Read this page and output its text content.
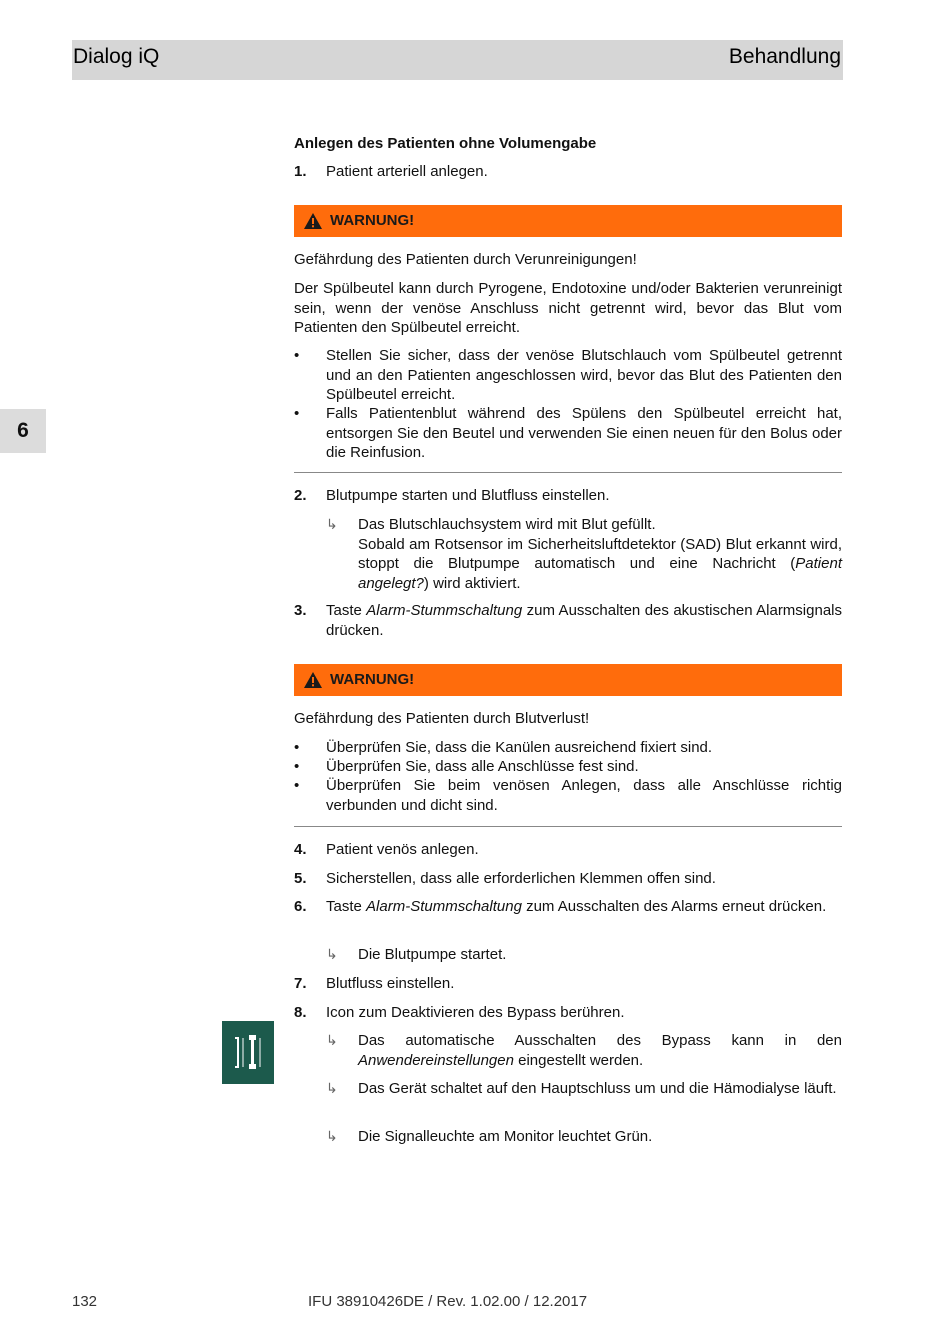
Dialog iQ	Behandlung
6
Anlegen des Patienten ohne Volumengabe
1. Patient arteriell anlegen.
WARNUNG!
Gefährdung des Patienten durch Verunreinigungen!
Der Spülbeutel kann durch Pyrogene, Endotoxine und/oder Bakterien verunreinigt sein, wenn der venöse Anschluss nicht getrennt wird, bevor das Blut vom Patienten den Spülbeutel erreicht.
• Stellen Sie sicher, dass der venöse Blutschlauch vom Spülbeutel getrennt und an den Patienten angeschlossen wird, bevor das Blut des Patienten den Spülbeutel erreicht.
• Falls Patientenblut während des Spülens den Spülbeutel erreicht hat, entsorgen Sie den Beutel und verwenden Sie einen neuen für den Bolus oder die Reinfusion.
2. Blutpumpe starten und Blutfluss einstellen.
↳ Das Blutschlauchsystem wird mit Blut gefüllt.
Sobald am Rotsensor im Sicherheitsluftdetektor (SAD) Blut erkannt wird, stoppt die Blutpumpe automatisch und eine Nachricht (Patient angelegt?) wird aktiviert.
3. Taste Alarm-Stummschaltung zum Ausschalten des akustischen Alarmsignals drücken.
WARNUNG!
Gefährdung des Patienten durch Blutverlust!
• Überprüfen Sie, dass die Kanülen ausreichend fixiert sind.
• Überprüfen Sie, dass alle Anschlüsse fest sind.
• Überprüfen Sie beim venösen Anlegen, dass alle Anschlüsse richtig verbunden und dicht sind.
4. Patient venös anlegen.
5. Sicherstellen, dass alle erforderlichen Klemmen offen sind.
6. Taste Alarm-Stummschaltung zum Ausschalten des Alarms erneut drücken.
↳ Die Blutpumpe startet.
7. Blutfluss einstellen.
8. Icon zum Deaktivieren des Bypass berühren.
↳ Das automatische Ausschalten des Bypass kann in den Anwendereinstellungen eingestellt werden.
↳ Das Gerät schaltet auf den Hauptschluss um und die Hämodialyse läuft.
↳ Die Signalleuchte am Monitor leuchtet Grün.
132	IFU 38910426DE / Rev. 1.02.00 / 12.2017
